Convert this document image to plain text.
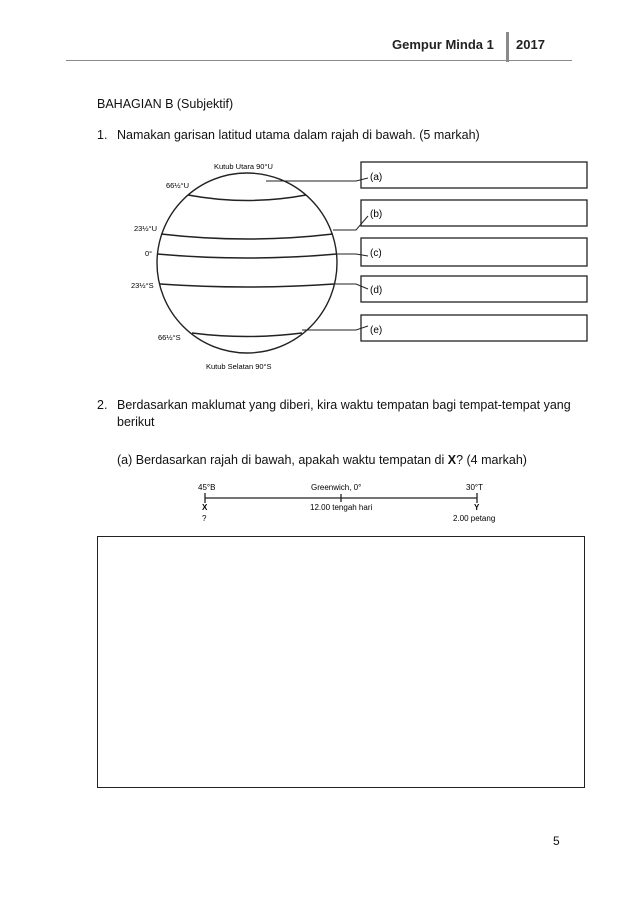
Gempur Minda 1 2017
BAHAGIAN B (Subjektif)
1. Namakan garisan latitud utama dalam rajah di bawah. (5 markah)
(a)
(b)
(c)
(d)
(e)
Kutub Utara 90°U
Kutub Selatan 90°S
66½°U
23½°U
0°
23½°S
66½°S
2. Berdasarkan maklumat yang diberi, kira waktu tempatan bagi tempat-tempat yang
berikut
(a) Berdasarkan rajah di bawah, apakah waktu tempatan di X? (4 markah)
45°B	Greenwich, 0°	30°T
X
?
12.00 tengah hari	Y
2.00 petang
5
